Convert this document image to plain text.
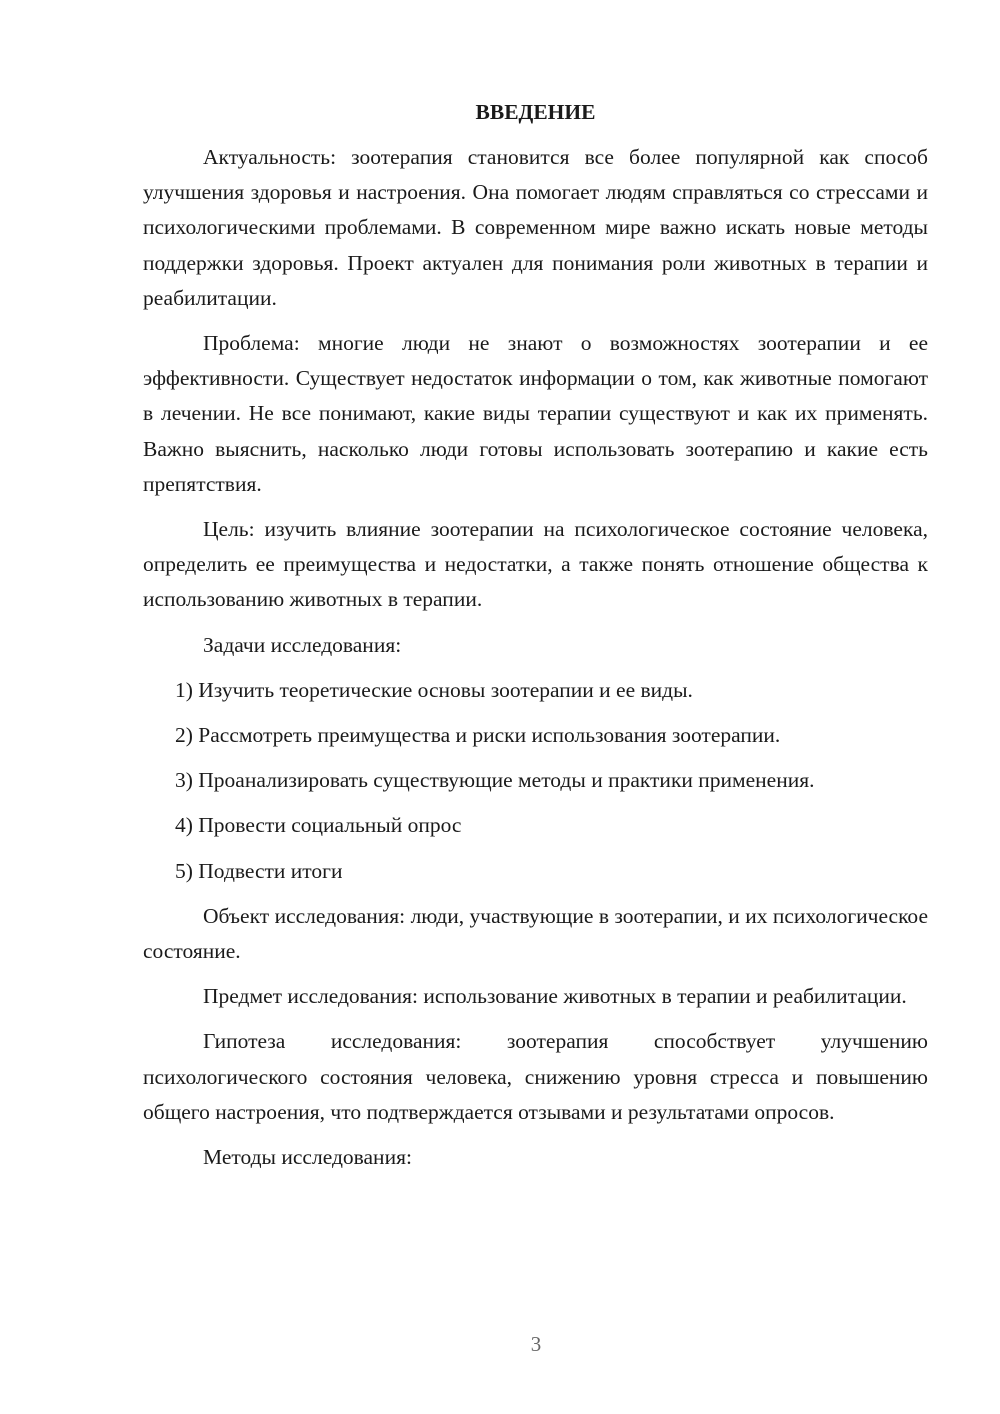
ВВЕДЕНИЕ

Актуальность: зоотерапия становится все более популярной как способ улучшения здоровья и настроения. Она помогает людям справляться со стрессами и психологическими проблемами. В современном мире важно искать новые методы поддержки здоровья. Проект актуален для понимания роли животных в терапии и реабилитации.

Проблема: многие люди не знают о возможностях зоотерапии и ее эффективности. Существует недостаток информации о том, как животные помогают в лечении. Не все понимают, какие виды терапии существуют и как их применять. Важно выяснить, насколько люди готовы использовать зоотерапию и какие есть препятствия.

Цель: изучить влияние зоотерапии на психологическое состояние человека, определить ее преимущества и недостатки, а также понять отношение общества к использованию животных в терапии.

Задачи исследования:

1) Изучить теоретические основы зоотерапии и ее виды.
2) Рассмотреть преимущества и риски использования зоотерапии.
3) Проанализировать существующие методы и практики применения.
4) Провести социальный опрос
5) Подвести итоги

Объект исследования: люди, участвующие в зоотерапии, и их психологическое состояние.

Предмет исследования: использование животных в терапии и реабилитации.

Гипотеза исследования: зоотерапия способствует улучшению психологического состояния человека, снижению уровня стресса и повышению общего настроения, что подтверждается отзывами и результатами опросов.

Методы исследования:

3
